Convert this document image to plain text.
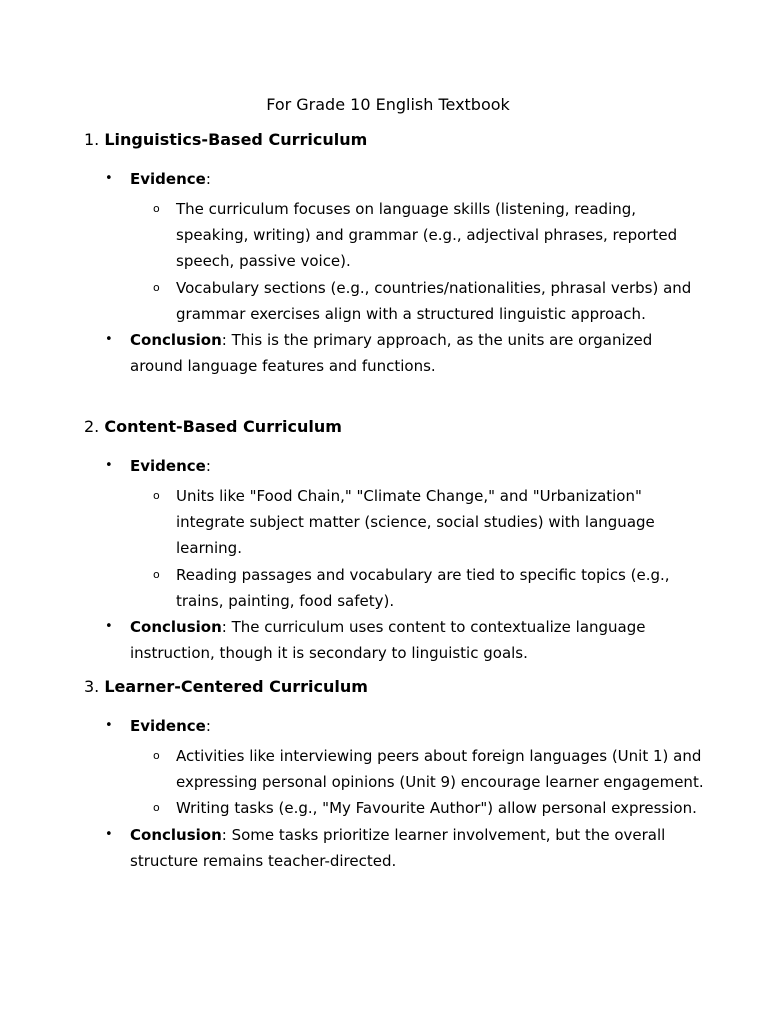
For Grade 10 English Textbook

1. Linguistics-Based Curriculum

• Evidence:
o The curriculum focuses on language skills (listening, reading, speaking, writing) and grammar (e.g., adjectival phrases, reported speech, passive voice).
o Vocabulary sections (e.g., countries/nationalities, phrasal verbs) and grammar exercises align with a structured linguistic approach.
• Conclusion: This is the primary approach, as the units are organized around language features and functions.

2. Content-Based Curriculum

• Evidence:
o Units like "Food Chain," "Climate Change," and "Urbanization" integrate subject matter (science, social studies) with language learning.
o Reading passages and vocabulary are tied to specific topics (e.g., trains, painting, food safety).
• Conclusion: The curriculum uses content to contextualize language instruction, though it is secondary to linguistic goals.

3. Learner-Centered Curriculum

• Evidence:
o Activities like interviewing peers about foreign languages (Unit 1) and expressing personal opinions (Unit 9) encourage learner engagement.
o Writing tasks (e.g., "My Favourite Author") allow personal expression.
• Conclusion: Some tasks prioritize learner involvement, but the overall structure remains teacher-directed.
